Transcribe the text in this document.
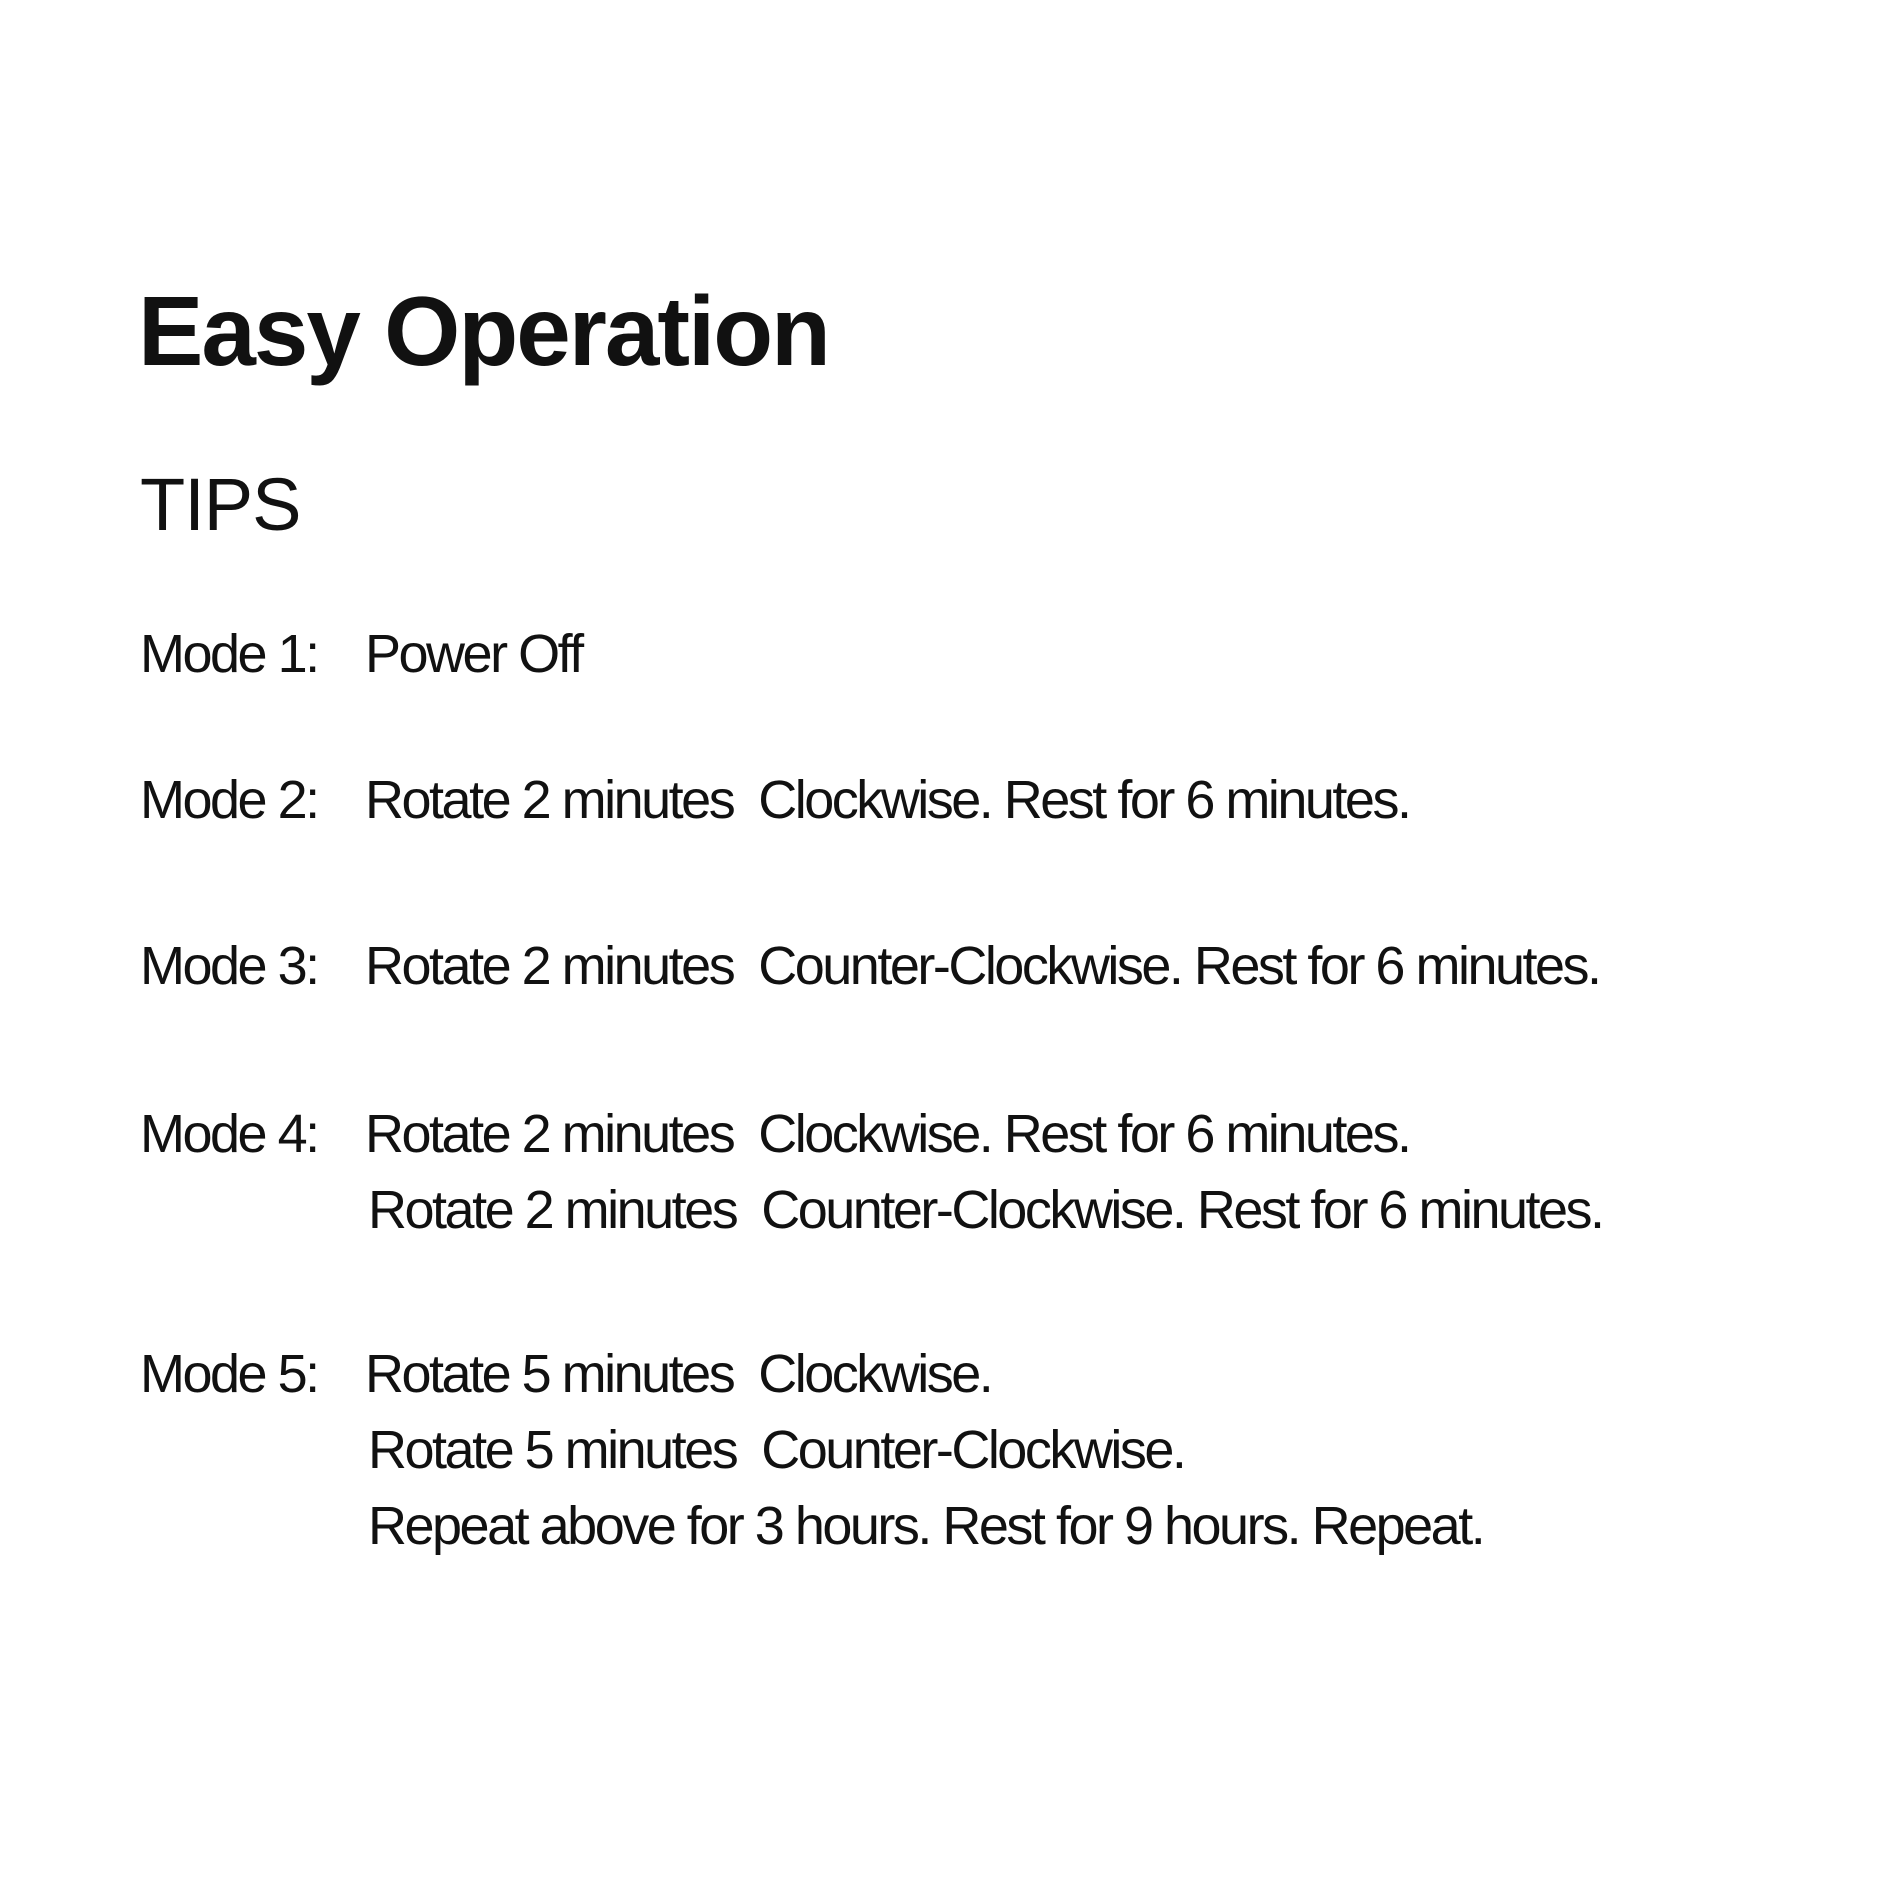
Easy Operation
TIPS
Mode 1: Power Off
Mode 2: Rotate 2 minutes  Clockwise. Rest for 6 minutes.
Mode 3: Rotate 2 minutes  Counter-Clockwise. Rest for 6 minutes.
Mode 4: Rotate 2 minutes  Clockwise. Rest for 6 minutes.
Rotate 2 minutes  Counter-Clockwise. Rest for 6 minutes.
Mode 5: Rotate 5 minutes  Clockwise.
Rotate 5 minutes  Counter-Clockwise.
Repeat above for 3 hours. Rest for 9 hours. Repeat.
